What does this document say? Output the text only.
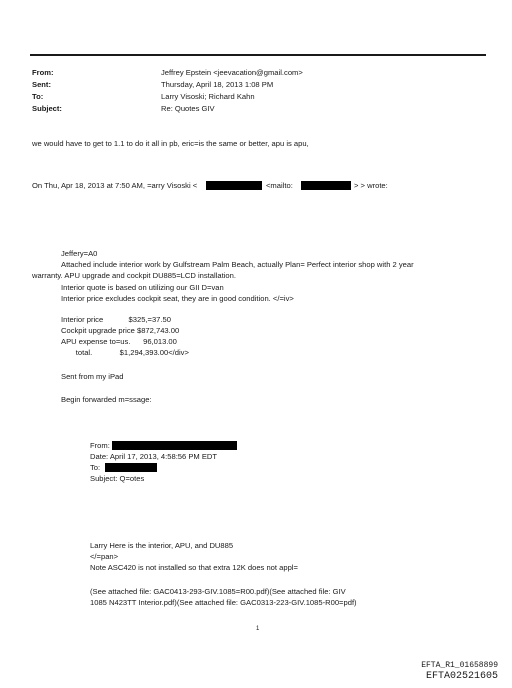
From:	Jeffrey Epstein <jeevacation@gmail.com>
Sent:	Thursday, April 18, 2013 1:08 PM
To:	Larry Visoski; Richard Kahn
Subject:	Re: Quotes GIV
we would have to get to 1.1 to do it all in pb, eric=is the same or better, apu is apu,
On Thu, Apr 18, 2013 at 7:50 AM, =arry Visoski <	<mailto:	> > wrote:
Jeffery=A0
Attached include interior work by Gulfstream Palm Beach, actually Plan= Perfect interior shop with 2 year
warranty. APU upgrade and cockpit DU885=LCD installation.
Interior quote is based on utilizing our GII D=van
Interior price excludes cockpit seat, they are in good condition. </=iv>
Interior price            $325,=37.50
Cockpit upgrade price $872,743.00
APU expense to=us.      96,013.00
total.             $1,294,393.00</div>
Sent from my iPad
Begin forwarded m=ssage:
From:
Date: April 17, 2013, 4:58:56 PM EDT
To:
Subject: Q=otes
Larry Here is the interior, APU, and DU885
</=pan>
Note ASC420 is not installed so that extra 12K does not appl=
(See attached file: GAC0413-293-GIV.1085=R00.pdf)(See attached file: GIV
1085 N423TT Interior.pdf)(See attached file: GAC0313-223-GIV.1085-R00=pdf)
1
EFTA_R1_01658899
EFTA02521605
